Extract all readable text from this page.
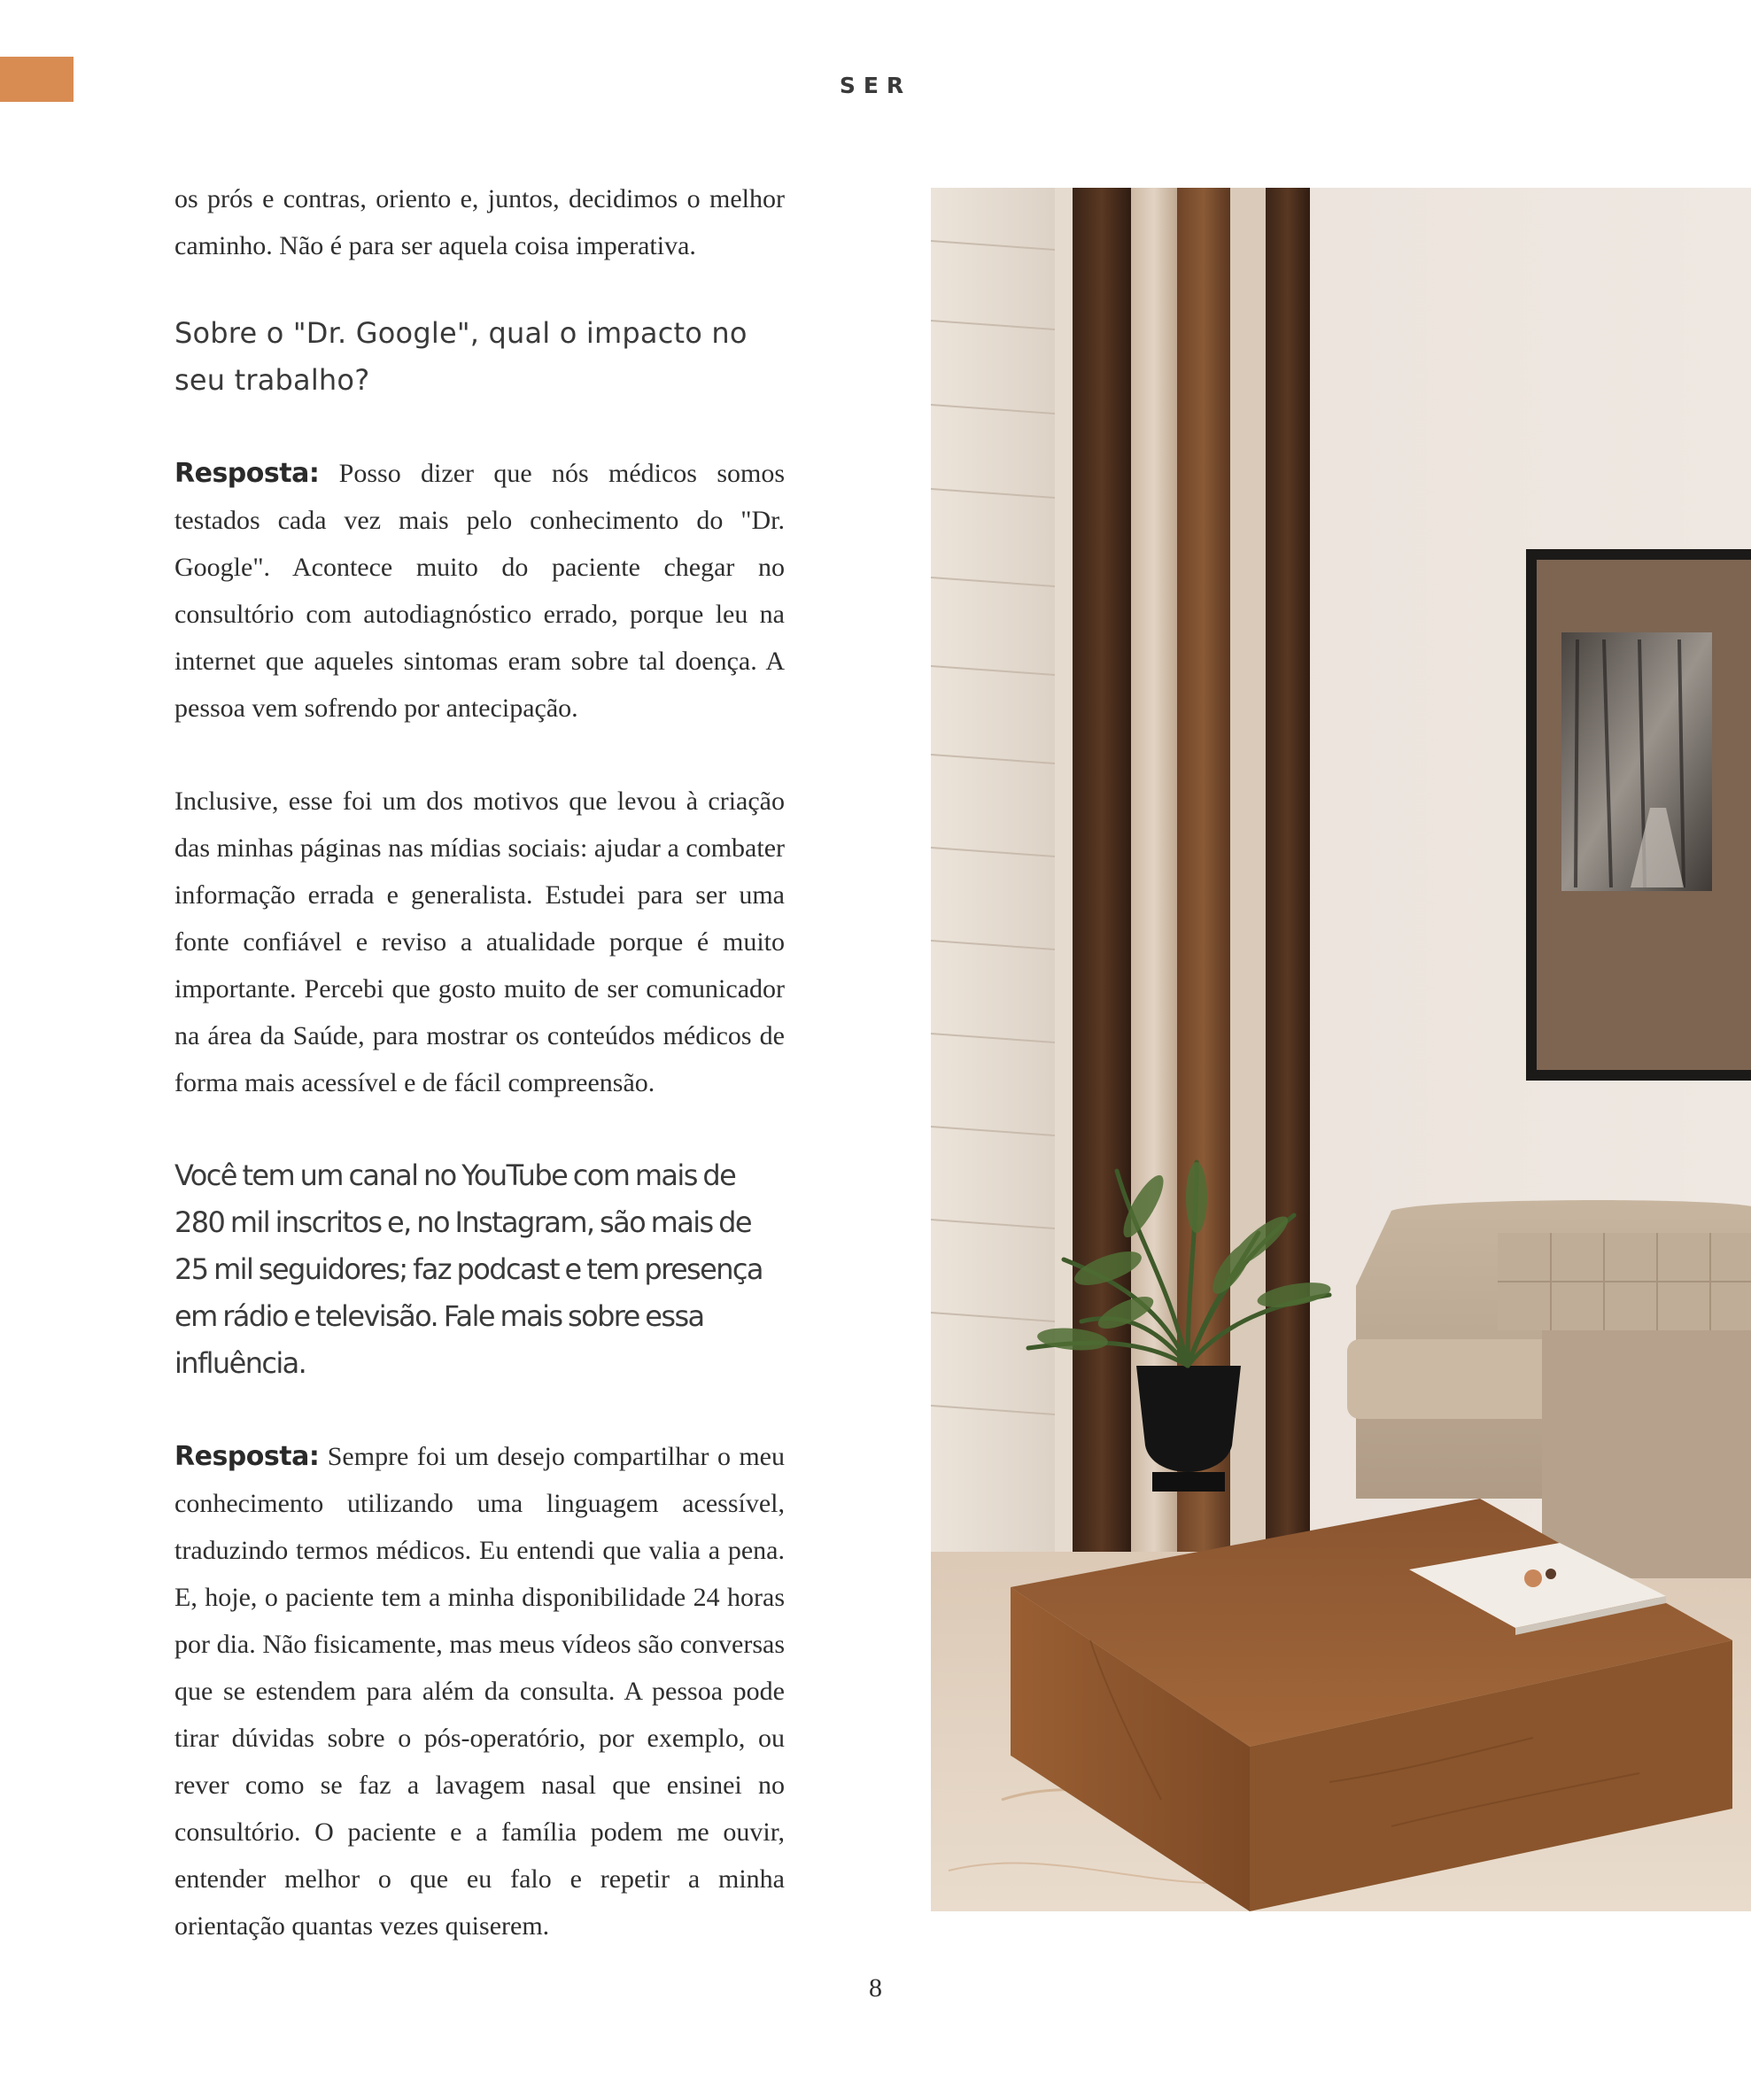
SER

os prós e contras, oriento e, juntos, decidimos o melhor caminho. Não é para ser aquela coisa imperativa.

Sobre o "Dr. Google", qual o impacto no seu trabalho?

Resposta: Posso dizer que nós médicos somos testados cada vez mais pelo conhecimento do "Dr. Google". Acontece muito do paciente chegar no consultório com autodiagnóstico errado, porque leu na internet que aqueles sintomas eram sobre tal doença. A pessoa vem sofrendo por antecipação.

Inclusive, esse foi um dos motivos que levou à criação das minhas páginas nas mídias sociais: ajudar a combater informação errada e generalista. Estudei para ser uma fonte confiável e reviso a atualidade porque é muito importante. Percebi que gosto muito de ser comunicador na área da Saúde, para mostrar os conteúdos médicos de forma mais acessível e de fácil compreensão.

Você tem um canal no YouTube com mais de 280 mil inscritos e, no Instagram, são mais de 25 mil seguidores; faz podcast e tem presença em rádio e televisão. Fale mais sobre essa influência.

Resposta: Sempre foi um desejo compartilhar o meu conhecimento utilizando uma linguagem acessível, traduzindo termos médicos. Eu entendi que valia a pena. E, hoje, o paciente tem a minha disponibilidade 24 horas por dia. Não fisicamente, mas meus vídeos são conversas que se estendem para além da consulta. A pessoa pode tirar dúvidas sobre o pós-operatório, por exemplo, ou rever como se faz a lavagem nasal que ensinei no consultório. O paciente e a família podem me ouvir, entender melhor o que eu falo e repetir a minha orientação quantas vezes quiserem.

8
